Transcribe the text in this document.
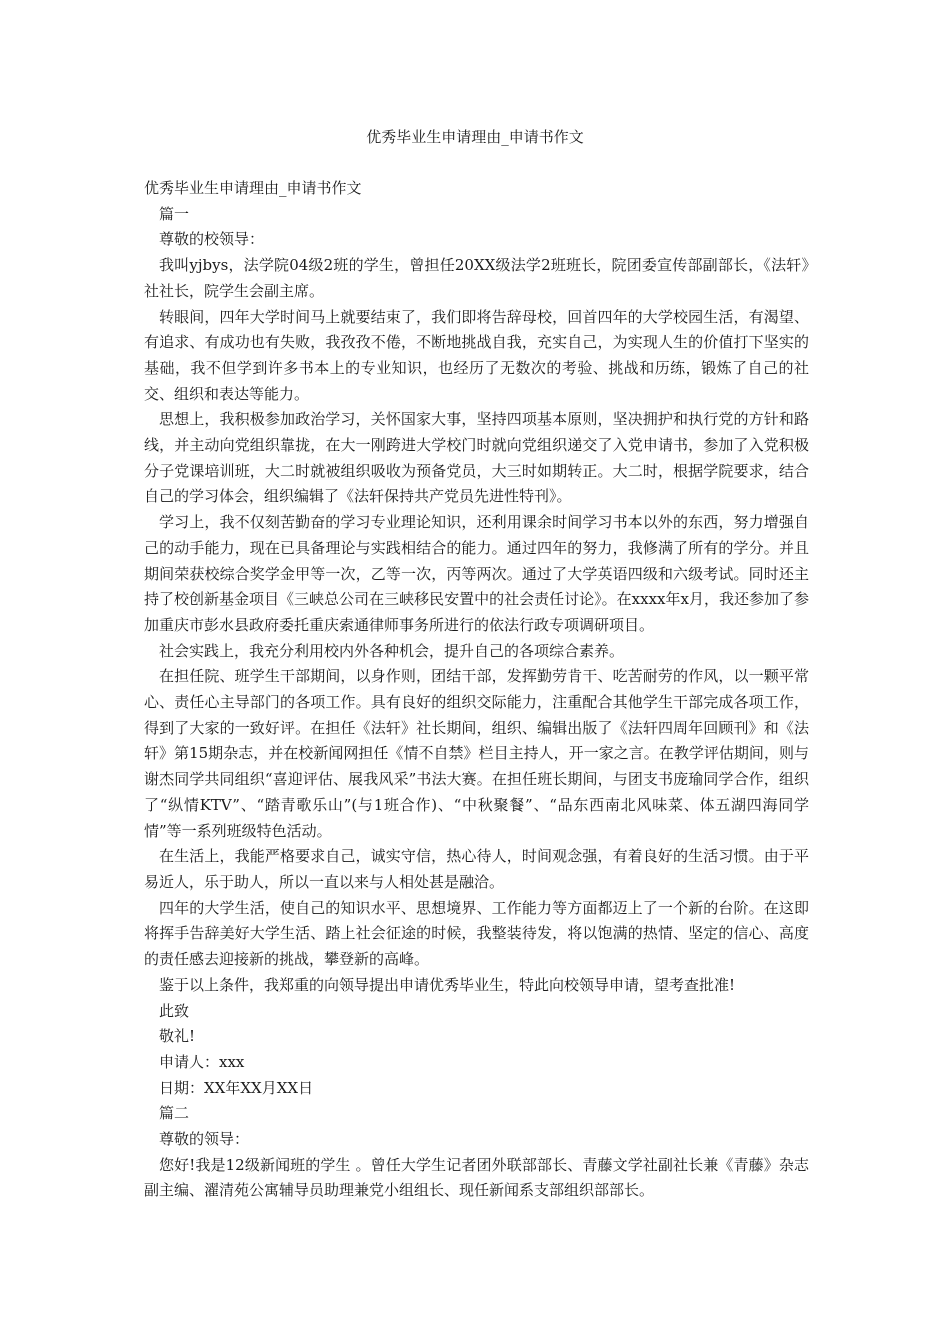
优秀毕业生申请理由_申请书作文

优秀毕业生申请理由_申请书作文

篇一

尊敬的校领导：

我叫yjbys，法学院04级2班的学生，曾担任20XX级法学2班班长，院团委宣传部副部长，《法轩》社社长，院学生会副主席。

转眼间，四年大学时间马上就要结束了，我们即将告辞母校，回首四年的大学校园生活，有渴望、有追求、有成功也有失败，我孜孜不倦，不断地挑战自我，充实自己，为实现人生的价值打下坚实的基础，我不但学到许多书本上的专业知识，也经历了无数次的考验、挑战和历练，锻炼了自己的社交、组织和表达等能力。

思想上，我积极参加政治学习，关怀国家大事，坚持四项基本原则，坚决拥护和执行党的方针和路线，并主动向党组织靠拢，在大一刚跨进大学校门时就向党组织递交了入党申请书，参加了入党积极分子党课培训班，大二时就被组织吸收为预备党员，大三时如期转正。大二时，根据学院要求，结合自己的学习体会，组织编辑了《法轩保持共产党员先进性特刊》。

学习上，我不仅刻苦勤奋的学习专业理论知识，还利用课余时间学习书本以外的东西，努力增强自己的动手能力，现在已具备理论与实践相结合的能力。通过四年的努力，我修满了所有的学分。并且期间荣获校综合奖学金甲等一次，乙等一次，丙等两次。通过了大学英语四级和六级考试。同时还主持了校创新基金项目《三峡总公司在三峡移民安置中的社会责任讨论》。在xxxx年x月，我还参加了参加重庆市彭水县政府委托重庆索通律师事务所进行的依法行政专项调研项目。

社会实践上，我充分利用校内外各种机会，提升自己的各项综合素养。

在担任院、班学生干部期间，以身作则，团结干部，发挥勤劳肯干、吃苦耐劳的作风，以一颗平常心、责任心主导部门的各项工作。具有良好的组织交际能力，注重配合其他学生干部完成各项工作，得到了大家的一致好评。在担任《法轩》社长期间，组织、编辑出版了《法轩四周年回顾刊》和《法轩》第15期杂志，并在校新闻网担任《情不自禁》栏目主持人，开一家之言。在教学评估期间，则与谢杰同学共同组织“喜迎评估、展我风采”书法大赛。在担任班长期间，与团支书庞瑜同学合作，组织了“纵情KTV”、“踏青歌乐山”(与1班合作)、“中秋聚餐”、“品东西南北风味菜、体五湖四海同学情”等一系列班级特色活动。

在生活上，我能严格要求自己，诚实守信，热心待人，时间观念强，有着良好的生活习惯。由于平易近人，乐于助人，所以一直以来与人相处甚是融洽。

四年的大学生活，使自己的知识水平、思想境界、工作能力等方面都迈上了一个新的台阶。在这即将挥手告辞美好大学生活、踏上社会征途的时候，我整装待发，将以饱满的热情、坚定的信心、高度的责任感去迎接新的挑战，攀登新的高峰。

鉴于以上条件，我郑重的向领导提出申请优秀毕业生，特此向校领导申请，望考查批准!

此致

敬礼!

申请人：xxx

日期：XX年XX月XX日

篇二

尊敬的领导：

您好!我是12级新闻班的学生 。曾任大学生记者团外联部部长、青藤文学社副社长兼《青藤》杂志副主编、濯清苑公寓辅导员助理兼党小组组长、现任新闻系支部组织部部长。
